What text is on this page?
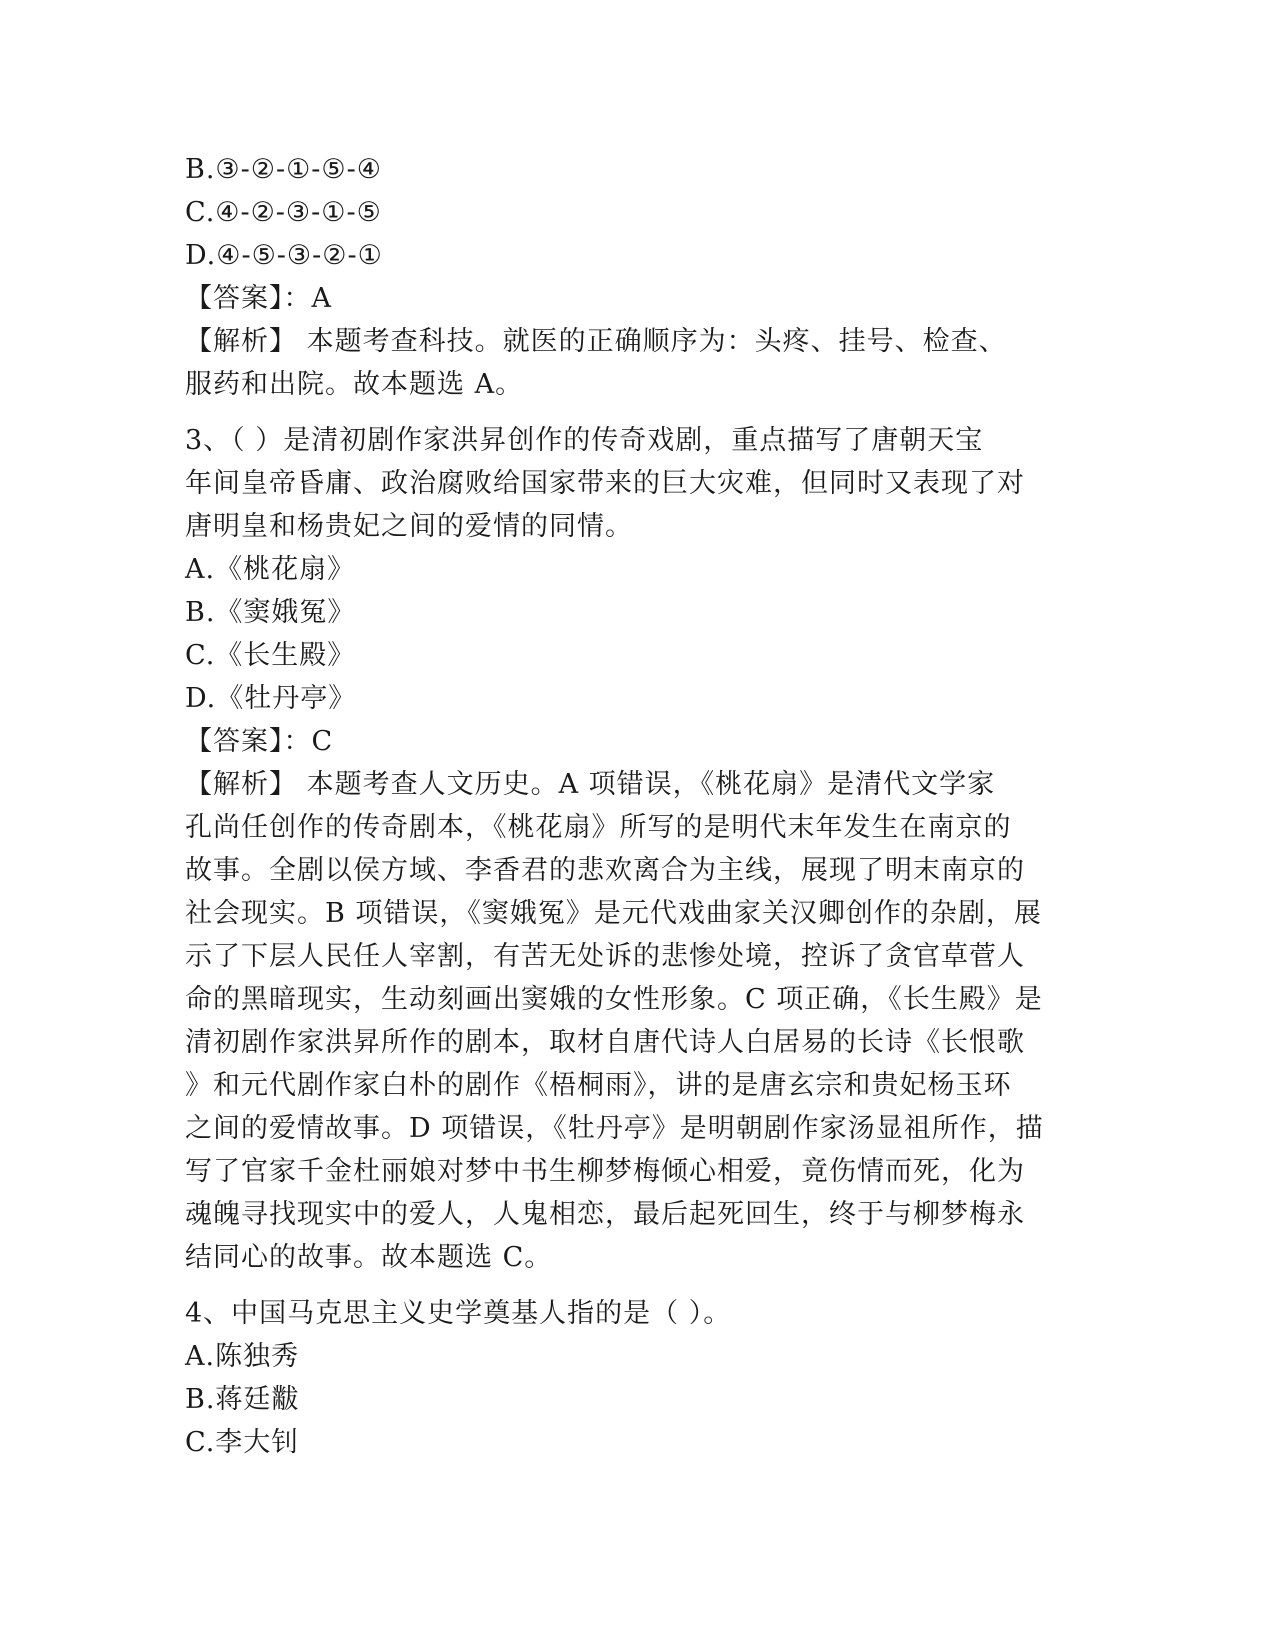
B.③-②-①-⑤-④
C.④-②-③-①-⑤
D.④-⑤-③-②-①
【答案】：A
【解析】 本题考查科技。就医的正确顺序为：头疼、挂号、检查、
服药和出院。故本题选 A。
3、（ ）是清初剧作家洪昇创作的传奇戏剧，重点描写了唐朝天宝
年间皇帝昏庸、政治腐败给国家带来的巨大灾难，但同时又表现了对
唐明皇和杨贵妃之间的爱情的同情。
A.《桃花扇》
B.《窦娥冤》
C.《长生殿》
D.《牡丹亭》
【答案】：C
【解析】 本题考查人文历史。A 项错误，《桃花扇》是清代文学家
孔尚任创作的传奇剧本，《桃花扇》所写的是明代末年发生在南京的
故事。全剧以侯方域、李香君的悲欢离合为主线，展现了明末南京的
社会现实。B 项错误，《窦娥冤》是元代戏曲家关汉卿创作的杂剧，展
示了下层人民任人宰割，有苦无处诉的悲惨处境，控诉了贪官草菅人
命的黑暗现实，生动刻画出窦娥的女性形象。C 项正确，《长生殿》是
清初剧作家洪昇所作的剧本，取材自唐代诗人白居易的长诗《长恨歌
》和元代剧作家白朴的剧作《梧桐雨》，讲的是唐玄宗和贵妃杨玉环
之间的爱情故事。D 项错误，《牡丹亭》是明朝剧作家汤显祖所作，描
写了官家千金杜丽娘对梦中书生柳梦梅倾心相爱，竟伤情而死，化为
魂魄寻找现实中的爱人，人鬼相恋，最后起死回生，终于与柳梦梅永
结同心的故事。故本题选 C。
4、中国马克思主义史学奠基人指的是（ ）。
A.陈独秀
B.蒋廷黻
C.李大钊
